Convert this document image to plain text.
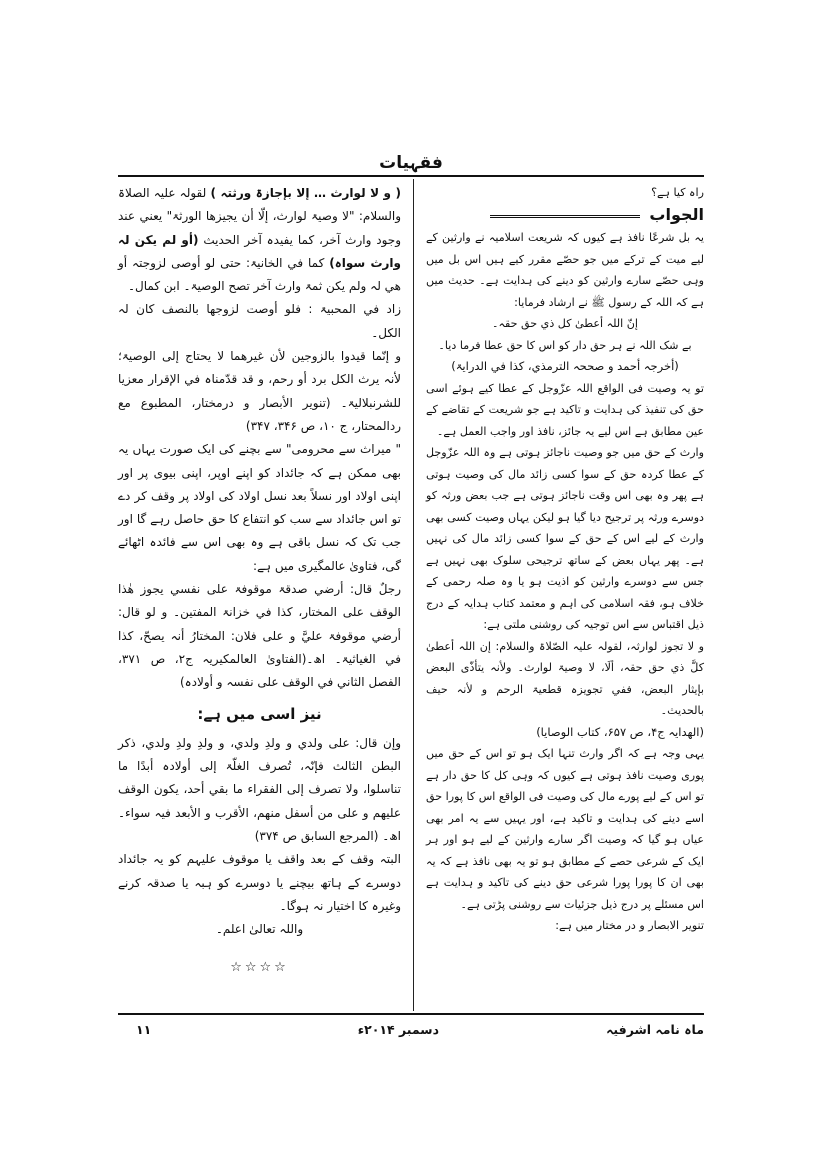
فقہیات

راہ کیا ہے؟

الجواب

یہ بل شرعًا نافذ ہے کیوں کہ شریعت اسلامیہ نے وارثین کے لیے میت کے ترکے میں جو حصّے مقرر کیے ہیں اس بل میں وہی حصّے سارے وارثین کو دینے کی ہدایت ہے۔ حدیث میں ہے کہ اللہ کے رسول ﷺ نے ارشاد فرمایا:

إنّ اللہ أعطیٰ کل ذي حق حقہ۔

بے شک اللہ نے ہر حق دار کو اس کا حق عطا فرما دیا۔

(أخرجہ أحمد و صححہ الترمذي، کذا في الدرایۃ)

تو یہ وصیت فی الواقع اللہ عزّوجل کے عطا کیے ہوئے اسی حق کی تنفیذ کی ہدایت و تاکید ہے جو شریعت کے تقاضے کے عین مطابق ہے اس لیے یہ جائز، نافذ اور واجب العمل ہے۔

وارث کے حق میں جو وصیت ناجائز ہوتی ہے وہ اللہ عزّوجل کے عطا کردہ حق کے سوا کسی زائد مال کی وصیت ہوتی ہے پھر وہ بھی اس وقت ناجائز ہوتی ہے جب بعض ورثہ کو دوسرے ورثہ پر ترجیح دیا گیا ہو لیکن یہاں وصیت کسی بھی وارث کے لیے اس کے حق کے سوا کسی زائد مال کی نہیں ہے۔ پھر یہاں بعض کے ساتھ ترجیحی سلوک بھی نہیں ہے جس سے دوسرے وارثین کو اذیت ہو یا وہ صلہ رحمی کے خلاف ہو، فقہ اسلامی کی اہم و معتمد کتاب ہدایہ کے درج ذیل اقتباس سے اس توجیہ کی روشنی ملتی ہے:

و لا تجوز لوارثہ، لقولہ علیہ الصّلاۃ والسلام: إن اللہ أعطیٰ کلَّ ذي حق حقہ، ألَا، لا وصیۃ لوارث۔ ولأنہ یتأذّی البعض بإیثار البعض، ففي تجویزہ قطعیۃ الرحم و لأنہ حیف بالحدیث۔

(الھدایہ ج۴، ص ۶۵۷، کتاب الوصایا)

یہی وجہ ہے کہ اگر وارث تنہا ایک ہو تو اس کے حق میں پوری وصیت نافذ ہوتی ہے کیوں کہ وہی کل کا حق دار ہے تو اس کے لیے پورے مال کی وصیت فی الواقع اس کا پورا حق اسے دینے کی ہدایت و تاکید ہے، اور یہیں سے یہ امر بھی عیاں ہو گیا کہ وصیت اگر سارے وارثین کے لیے ہو اور ہر ایک کے شرعی حصے کے مطابق ہو تو یہ بھی نافذ ہے کہ یہ بھی ان کا پورا پورا شرعی حق دینے کی تاکید و ہدایت ہے اس مسئلے پر درج ذیل جزئیات سے روشنی پڑتی ہے۔

تنویر الابصار و در مختار میں ہے:

( و لا لوارث … إلا بإجازۃ ورثتہ ) لقولہ علیہ الصلاۃ والسلام: "لا وصیۃ لوارث، إلّا أن یجیزھا الورثۃ" یعني عند وجود وارث آخر، کما یفیدہ آخر الحدیث (أو لم یکن لہ وارث سواہ) کما في الخانیۃ: حتی لو أوصی لزوجتہ أو ھي لہ ولم یکن ثمۃ وارث آخر تصح الوصیۃ۔ ابن کمال۔

زاد في المحبیۃ : فلو أوصت لزوجھا بالنصف کان لہ الکل۔

و إنّما قیدوا بالزوجین لأن غیرھما لا یحتاج إلی الوصیۃ؛ لأنہ یرث الکل برد أو رحم، و قد قدّمناہ في الإقرار معزیا للشرنبلالیۃ۔ (تنویر الأبصار و درمختار، المطبوع مع ردالمحتار، ج ۱۰، ص ۳۴۶، ۳۴۷)

" میراث سے محرومی" سے بچنے کی ایک صورت یہاں یہ بھی ممکن ہے کہ جائداد کو اپنے اوپر، اپنی بیوی پر اور اپنی اولاد اور نسلاً بعد نسل اولاد کی اولاد پر وقف کر دے تو اس جائداد سے سب کو انتفاع کا حق حاصل رہے گا اور جب تک کہ نسل باقی ہے وہ بھی اس سے فائدہ اٹھائے گی، فتاویٰ عالمگیری میں ہے:

رجلٌ قال: أرضي صدقۃ موقوفۃ علی نفسي یجوز ھٰذا الوقف علی المختار، کذا في خزانۃ المفتین۔ و لو قال: أرضي موقوفۃ عليَّ و علی فلان: المختارُ أنہ یصحّ، کذا في الغیاثیۃ۔ اھ۔(الفتاویٰ العالمکیریہ ج۲، ص ۳۷۱، الفصل الثاني في الوقف علی نفسہ و أولادہ)

نیز اسی میں ہے:

وإن قال: علی ولدي و ولدِ ولدي، و ولدِ ولدِ ولدي، ذکر البطن الثالث فإنّہ، تُصرف الغلّۃ إلی أولادہ أبدًا ما تناسلوا، ولا تصرف إلی الفقراء ما بقي أحد، یکون الوقف علیھم و علی من أسفل منھم، الأقرب و الأبعد فیہ سواء۔ اھ۔ (المرجع السابق ص ۳۷۴)

البتہ وقف کے بعد واقف یا موقوف علیہم کو یہ جائداد دوسرے کے ہاتھ بیچنے یا دوسرے کو ہبہ یا صدقہ کرنے وغیرہ کا اختیار نہ ہوگا۔

واللہ تعالیٰ اعلم۔

☆☆☆☆
ماہ نامہ اشرفیہ
دسمبر ۲۰۱۴ء
۱۱
